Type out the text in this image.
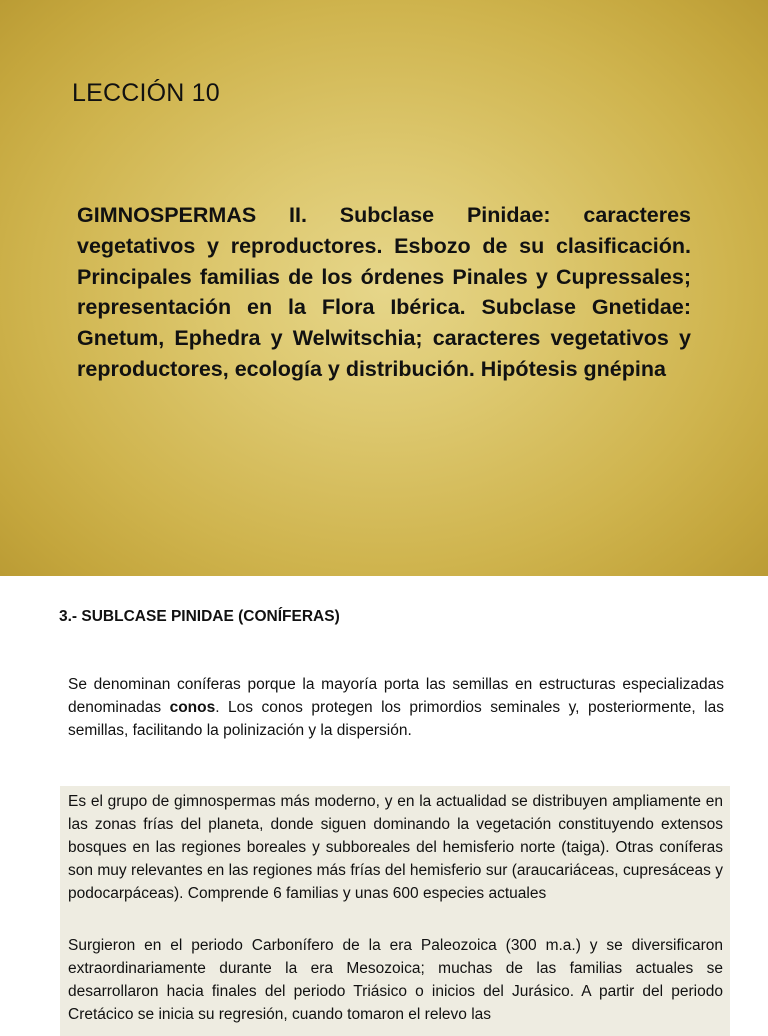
LECCIÓN 10
GIMNOSPERMAS II. Subclase Pinidae: caracteres vegetativos y reproductores. Esbozo de su clasificación. Principales familias de los órdenes Pinales y Cupressales; representación en la Flora Ibérica. Subclase Gnetidae: Gnetum, Ephedra y Welwitschia; caracteres vegetativos y reproductores, ecología y distribución. Hipótesis gnépina
3.- SUBLCASE PINIDAE (CONÍFERAS)
Se denominan coníferas porque la mayoría porta las semillas en estructuras especializadas denominadas conos. Los conos protegen los primordios seminales y, posteriormente, las semillas, facilitando la polinización y la dispersión.
Es el grupo de gimnospermas más moderno, y en la actualidad se distribuyen ampliamente en las zonas frías del planeta, donde siguen dominando la vegetación constituyendo extensos bosques en las regiones boreales y subboreales del hemisferio norte (taiga). Otras coníferas son muy relevantes en las regiones más frías del hemisferio sur (araucariáceas, cupresáceas y podocarpáceas). Comprende 6 familias y unas 600 especies actuales
Surgieron en el periodo Carbonífero de la era Paleozoica (300 m.a.) y se diversificaron extraordinariamente durante la era Mesozoica; muchas de las familias actuales se desarrollaron hacia finales del periodo Triásico o inicios del Jurásico. A partir del periodo Cretácico se inicia su regresión, cuando tomaron el relevo las
